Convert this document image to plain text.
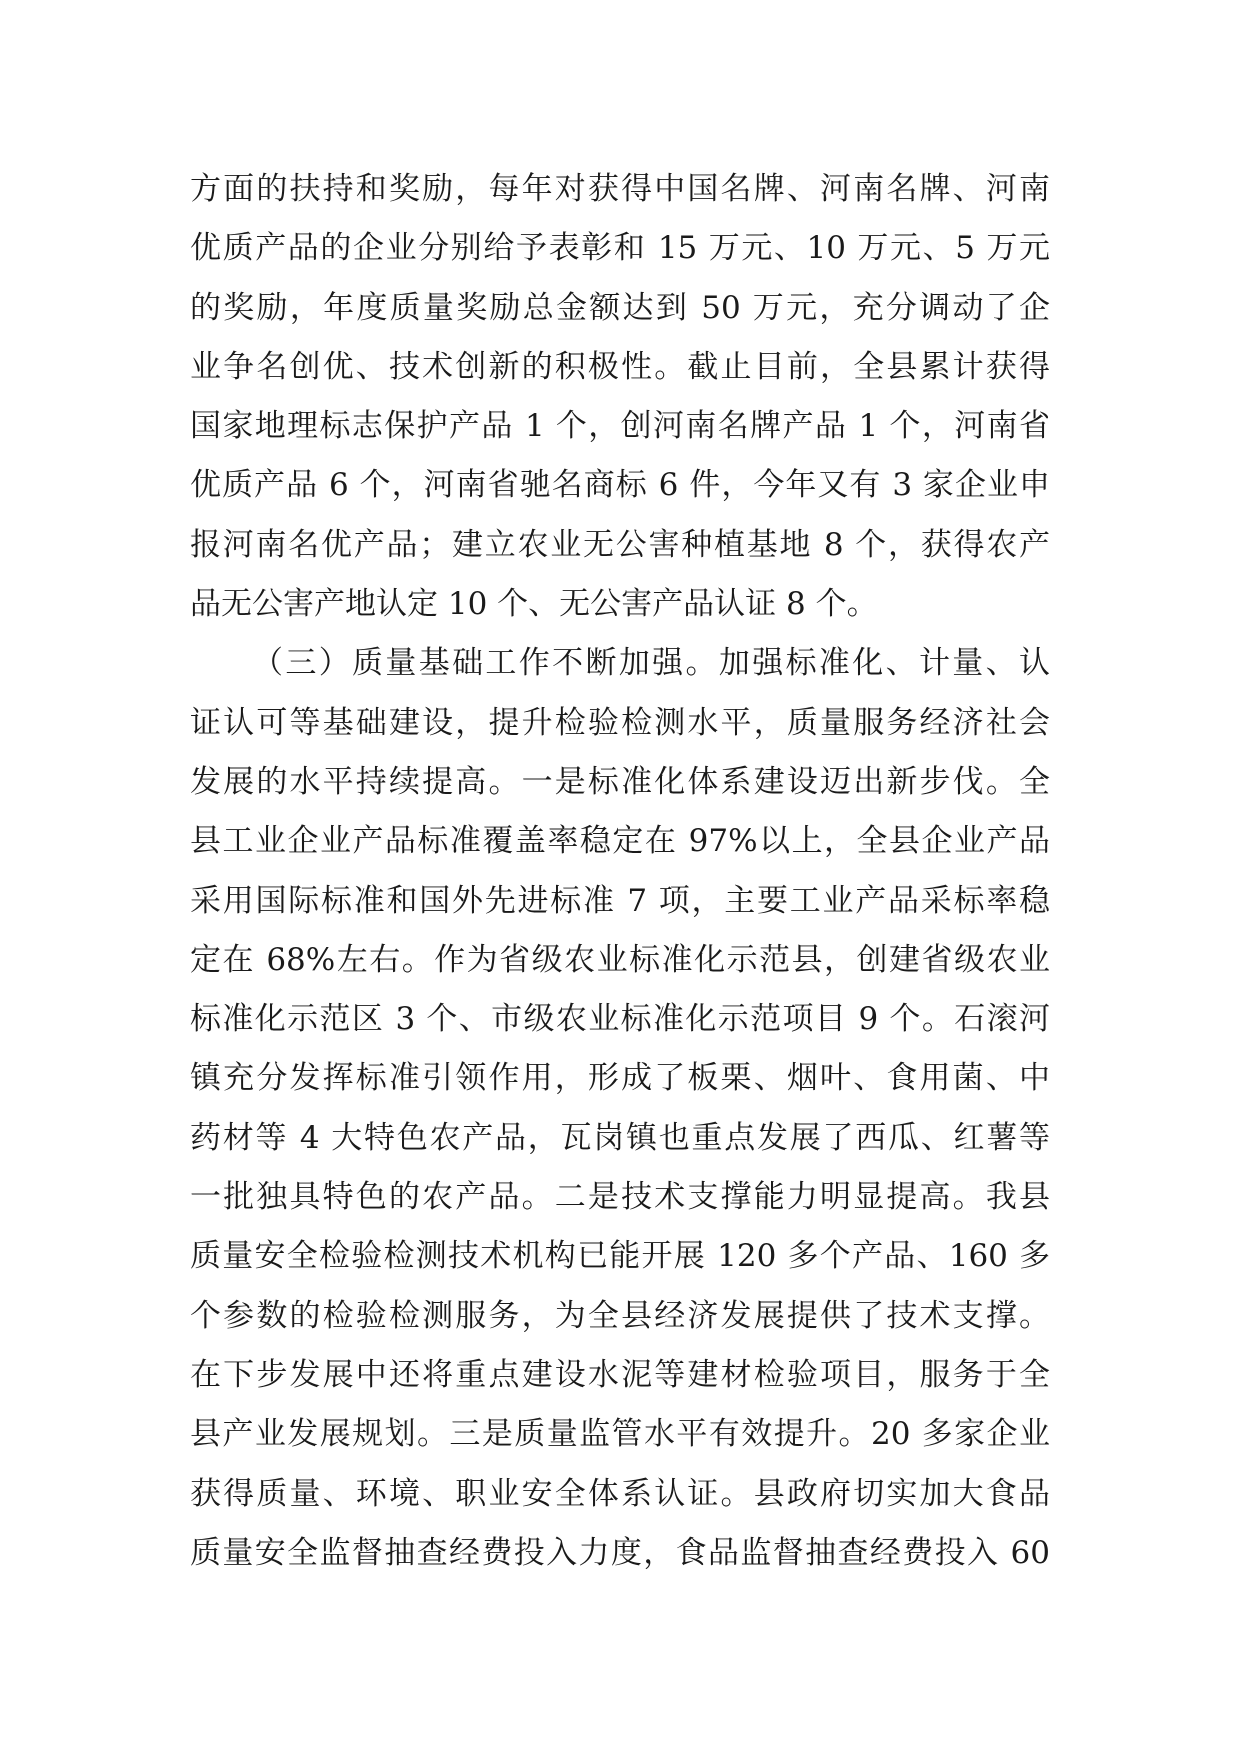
方面的扶持和奖励，每年对获得中国名牌、河南名牌、河南
优质产品的企业分别给予表彰和 15 万元、10 万元、5 万元
的奖励，年度质量奖励总金额达到 50 万元，充分调动了企
业争名创优、技术创新的积极性。截止目前，全县累计获得
国家地理标志保护产品 1 个，创河南名牌产品 1 个，河南省
优质产品 6 个，河南省驰名商标 6 件，今年又有 3 家企业申
报河南名优产品；建立农业无公害种植基地 8 个，获得农产
品无公害产地认定 10 个、无公害产品认证 8 个。
（三）质量基础工作不断加强。加强标准化、计量、认
证认可等基础建设，提升检验检测水平，质量服务经济社会
发展的水平持续提高。一是标准化体系建设迈出新步伐。全
县工业企业产品标准覆盖率稳定在 97%以上，全县企业产品
采用国际标准和国外先进标准 7 项，主要工业产品采标率稳
定在 68%左右。作为省级农业标准化示范县，创建省级农业
标准化示范区 3 个、市级农业标准化示范项目 9 个。石滚河
镇充分发挥标准引领作用，形成了板栗、烟叶、食用菌、中
药材等 4 大特色农产品，瓦岗镇也重点发展了西瓜、红薯等
一批独具特色的农产品。二是技术支撑能力明显提高。我县
质量安全检验检测技术机构已能开展 120 多个产品、160 多
个参数的检验检测服务，为全县经济发展提供了技术支撑。
在下步发展中还将重点建设水泥等建材检验项目，服务于全
县产业发展规划。三是质量监管水平有效提升。20 多家企业
获得质量、环境、职业安全体系认证。县政府切实加大食品
质量安全监督抽查经费投入力度，食品监督抽查经费投入 60
